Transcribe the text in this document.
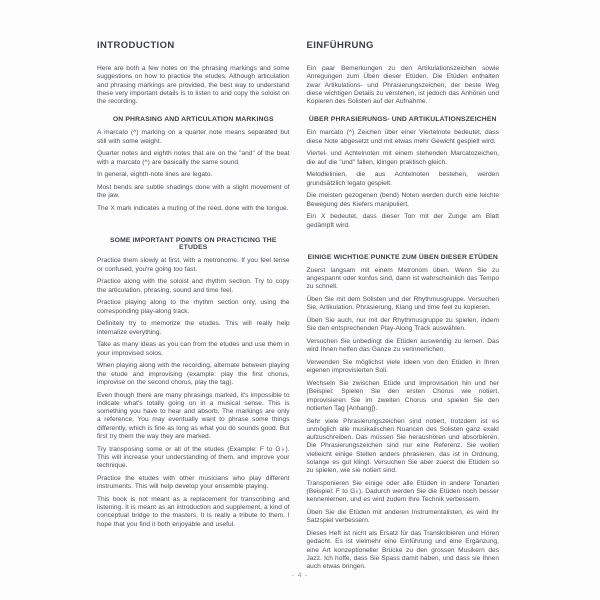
INTRODUCTION

Here are both a few notes on the phrasing markings and some suggestions on how to practice the etudes. Although articulation and phrasing markings are provided, the best way to understand these very important details is to listen to and copy the soloist on the recording.

ON PHRASING AND ARTICULATION MARKINGS

A marcato (^) marking on a quarter note means separated but still with some weight.

Quarter notes and eighth notes that are on the "and" of the beat with a marcato (^) are basically the same sound.

In general, eighth-note lines are legato.

Most bends are subtle shadings done with a slight movement of the jaw.

The X mark indicates a muting of the reed, done with the tongue.

SOME IMPORTANT POINTS ON PRACTICING THE ETUDES

Practice them slowly at first, with a metronome. If you feel tense or confused, you're going too fast.

Practice along with the soloist and rhythm section. Try to copy the articulation, phrasing, sound and time feel.

Practice playing along to the rhythm section only, using the corresponding play-along track.

Definitely try to memorize the etudes. This will really help internalize everything.

Take as many ideas as you can from the etudes and use them in your improvised solos.

When playing along with the recording, alternate between playing the etude and improvising (example: play the first chorus, improvise on the second chorus, play the tag).

Even though there are many phrasings marked, it's impossible to indicate what's totally going on in a musical sense. This is something you have to hear and absorb. The markings are only a reference. You may eventually want to phrase some things differently, which is fine as long as what you do sounds good. But first try them the way they are marked.

Try transposing some or all of the etudes (Example: F to G♭). This will increase your understanding of them, and improve your technique.

Practice the etudes with other musicians who play different instruments. This will help develop your ensemble playing.

This book is not meant as a replacement for transcribing and listening. It is meant as an introduction and supplement, a kind of conceptual bridge to the masters. It is really a tribute to them. I hope that you find it both enjoyable and useful.

EINFÜHRUNG

Ein paar Bemerkungen zu den Artikulationszeichen sowie Anregungen zum Üben dieser Etüden. Die Etüden enthalten zwar Artikulations- und Phrasierungszeichen, der beste Weg diese wichtigen Details zu verstehen, ist jedoch das Anhören und Kopieren des Solisten auf der Aufnahme.

ÜBER PHRASIERUNGS- UND ARTIKULATIONSZEICHEN

Ein marcato (^) Zeichen über einer Viertelnote bedeutet, dass diese Note abgesetzt und mit etwas mehr Gewicht gespielt wird.

Viertel- und Achtelnoten mit einem stehenden Marcatozeichen, die auf die "und" fallen, klingen praktisch gleich.

Melodielinien, die aus Achtelnoten bestehen, werden grundsätzlich legato gespielt.

Die meisten gezogenen (bend) Noten werden durch eine leichte Bewegung des Kiefers manipuliert.

Ein X bedeutet, dass dieser Ton mit der Zunge am Blatt gedämpft wird.

EINIGE WICHTIGE PUNKTE ZUM ÜBEN DIESER ETÜDEN

Zuerst langsam mit einem Metronom üben. Wenn Sie zu angespannt oder konfus sind, dann ist wahrscheinlich das Tempo zu schnell.

Üben Sie mit dem Solisten und der Rhythmusgruppe. Versuchen Sie, Artikulation, Phrasierung, Klang und time feel zu kopieren.

Üben Sie auch, nur mit der Rhythmusgruppe zu spielen, indem Sie den entsprechenden Play-Along Track auswählen.

Versuchen Sie unbedingt die Etüden auswendig zu lernen. Das wird Ihnen helfen das Ganze zu verinnerlichen.

Verwenden Sie möglichst viele Ideen von den Etüden in Ihren eigenen improvisierten Soli.

Wechseln Sie zwischen Etüde und Improvisation hin und her (Beispiel: Spielen Sie den ersten Chorus wie notiert, improvisieren Sie im zweiten Chorus und spielen Sie den notierten Tag [Anhang]).

Sehr viele Phrasierungszeichen sind notiert, trotzdem ist es unmöglich alle musikalischen Nuancen des Solisten ganz exakt aufzuschreiben. Das müssen Sie heraushören und absorbieren. Die Phrasierungszeichen sind nur eine Referenz. Sie wollen vielleicht einige Stellen anders phrasieren, das ist in Ordnung, solange es gut klingt. Versuchen Sie aber zuerst die Etüden so zu spielen, wie sie notiert sind.

Transponieren Sie einige oder alle Etüden in andere Tonarten (Beispiel: F to G♭). Dadurch werden Sie die Etüden noch besser kennenlernen, und es wird zudem Ihre Technik verbessern.

Üben Sie die Etüden mit anderen Instrumentalisten, es wird Ihr Satzspiel verbessern.

Dieses Heft ist nicht als Ersatz für das Transkribieren und Hören gedacht. Es ist vielmehr eine Einführung und eine Ergänzung, eine Art konzeptioneller Brücke zu den grossen Musikern des Jazz. Ich hoffe, dass Sie Spass damit haben, und dass sie Ihnen auch etwas bringen.

- 4 -
